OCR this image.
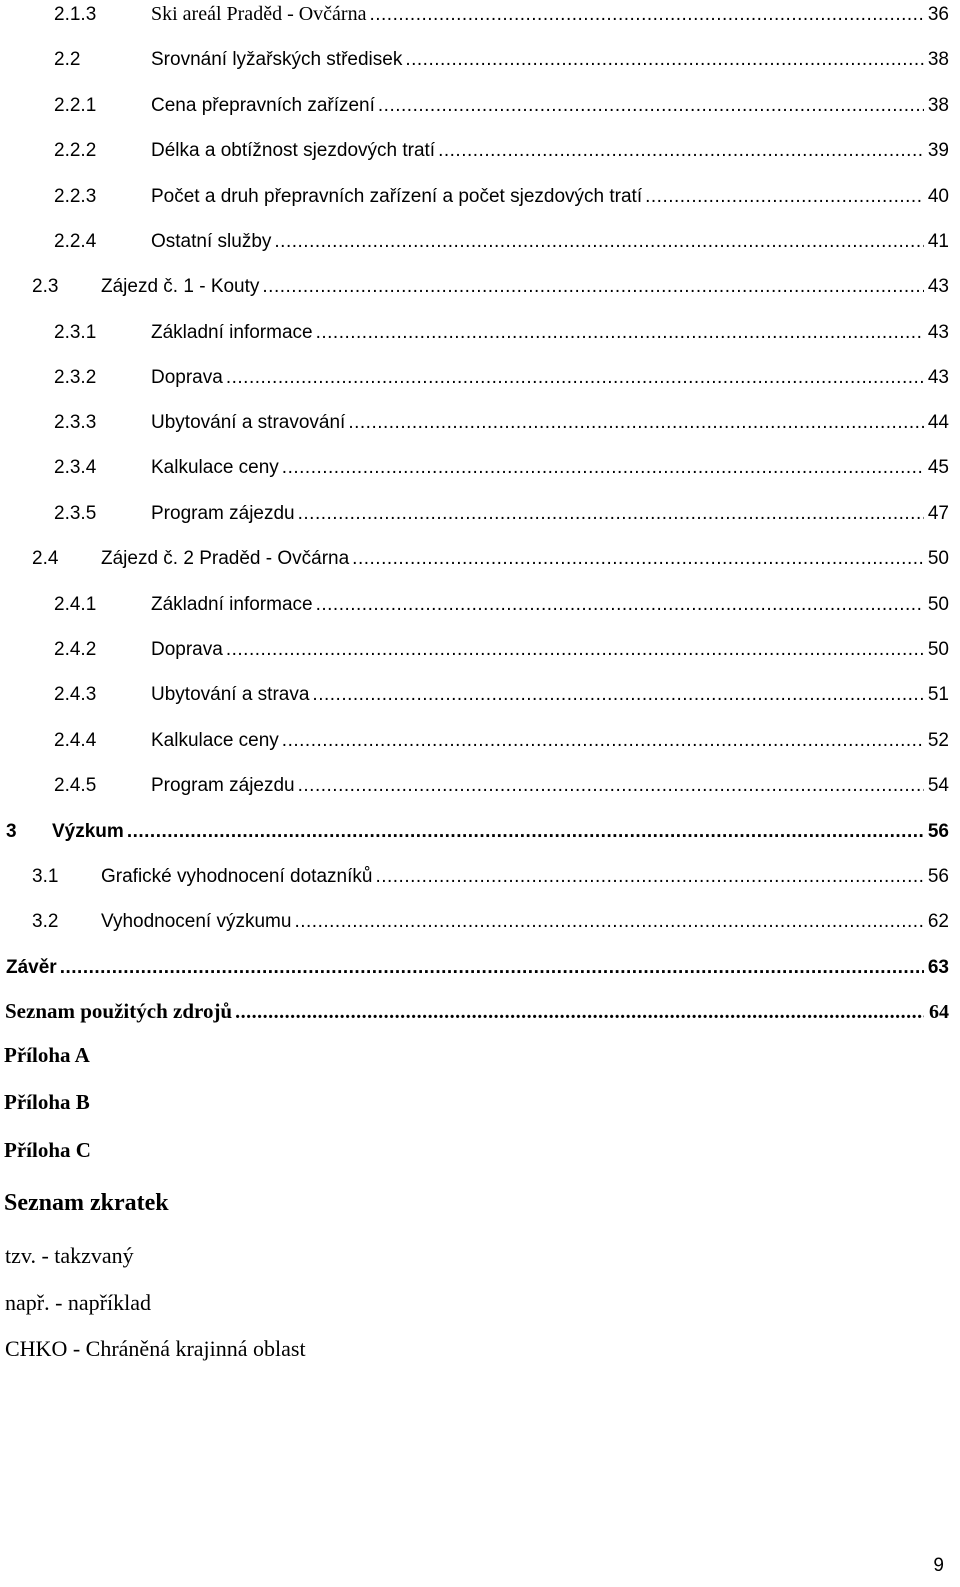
2.1.3	Ski areál Praděd - Ovčárna .....	36
2.2	Srovnání lyžařských středisek .....	38
2.2.1	Cena přepravních zařízení .....	38
2.2.2	Délka a obtížnost sjezdových tratí .....	39
2.2.3	Počet a druh přepravních zařízení a počet sjezdových tratí .....	40
2.2.4	Ostatní služby .....	41
2.3	Zájezd č. 1 - Kouty .....	43
2.3.1	Základní informace .....	43
2.3.2	Doprava .....	43
2.3.3	Ubytování a stravování .....	44
2.3.4	Kalkulace ceny .....	45
2.3.5	Program zájezdu .....	47
2.4	Zájezd č. 2 Praděd - Ovčárna .....	50
2.4.1	Základní informace .....	50
2.4.2	Doprava .....	50
2.4.3	Ubytování a strava .....	51
2.4.4	Kalkulace ceny .....	52
2.4.5	Program zájezdu .....	54
3	Výzkum .....	56
3.1	Grafické vyhodnocení dotazníků .....	56
3.2	Vyhodnocení výzkumu .....	62
Závěr .....	63
Seznam použitých zdrojů .....	64
Příloha A
Příloha B
Příloha C
Seznam zkratek
tzv. - takzvaný
např. - například
CHKO - Chráněná krajinná oblast
9
